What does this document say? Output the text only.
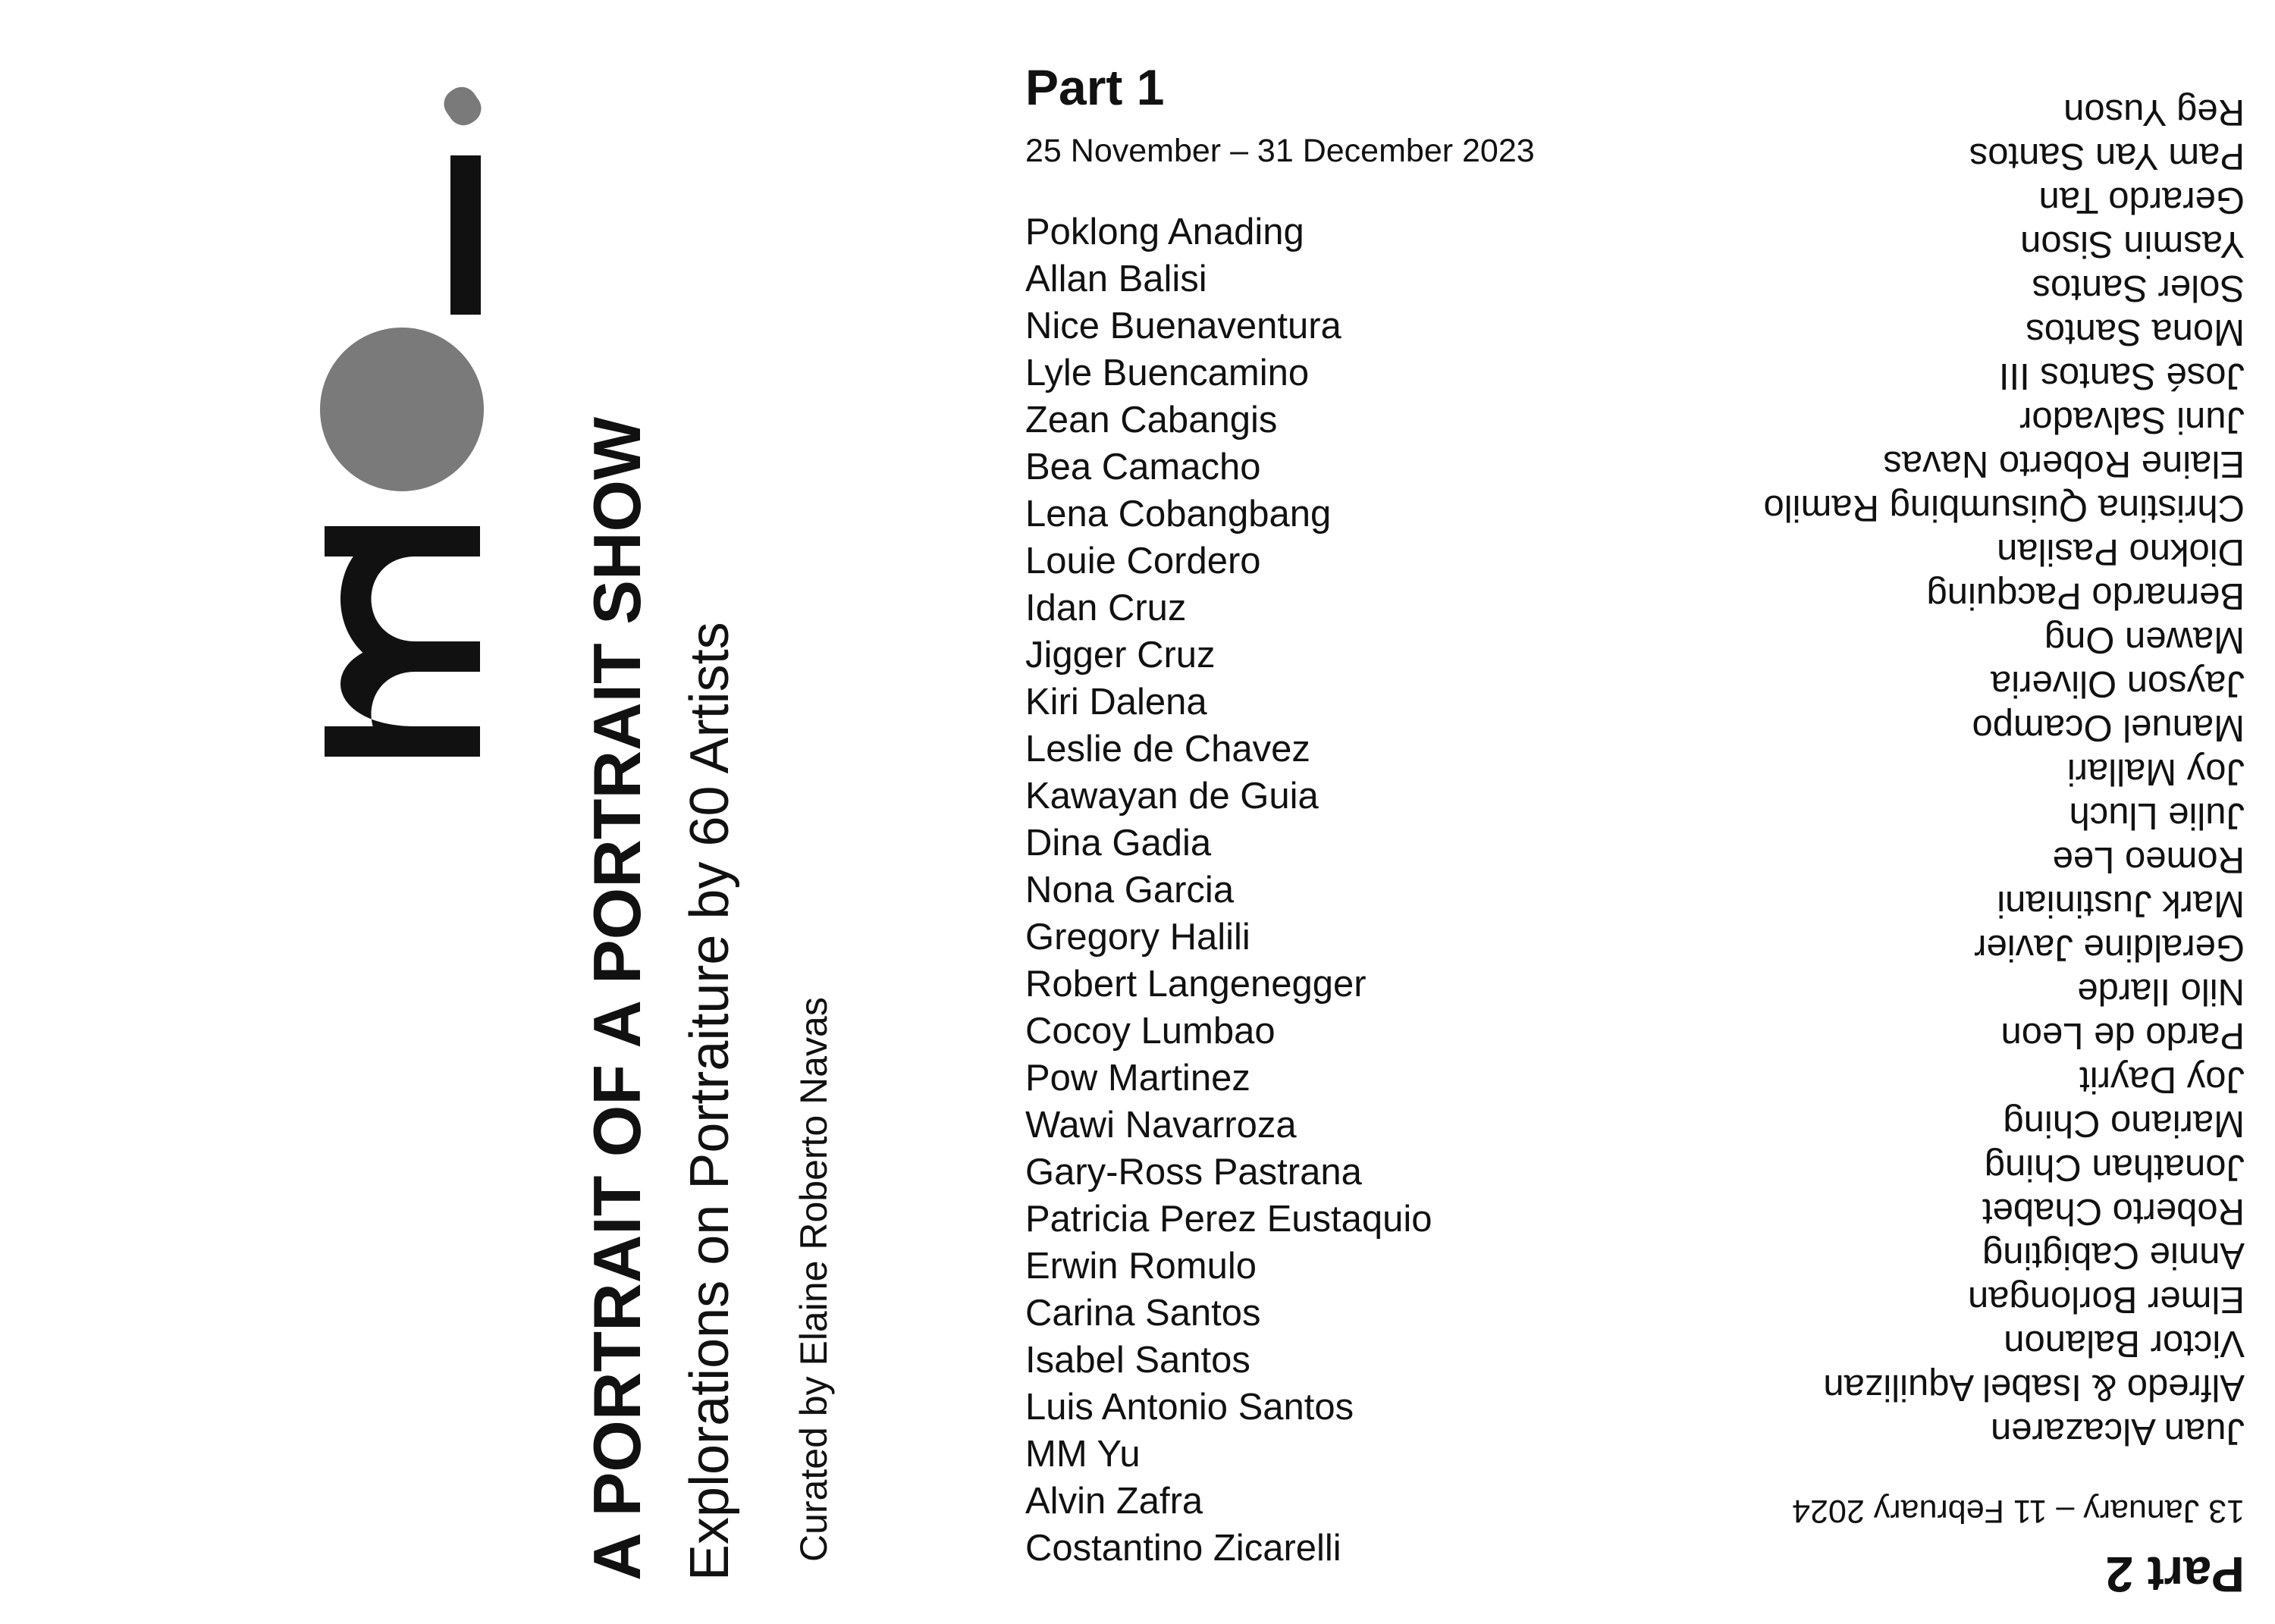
A PORTRAIT OF A PORTRAIT SHOW Explorations on Portraiture by 60 Artists Curated by Elaine Roberto Navas
Part 1
25 November – 31 December 2023
Poklong Anading
Allan Balisi
Nice Buenaventura
Lyle Buencamino
Zean Cabangis
Bea Camacho
Lena Cobangbang
Louie Cordero
Idan Cruz
Jigger Cruz
Kiri Dalena
Leslie de Chavez
Kawayan de Guia
Dina Gadia
Nona Garcia
Gregory Halili
Robert Langenegger
Cocoy Lumbao
Pow Martinez
Wawi Navarroza
Gary-Ross Pastrana
Patricia Perez Eustaquio
Erwin Romulo
Carina Santos
Isabel Santos
Luis Antonio Santos
MM Yu
Alvin Zafra
Costantino Zicarelli	Part 2
13 January – 11 February 2024
Juan Alcazaren
Alfredo & Isabel Aquilizan
Victor Balanon
Elmer Borlongan
Annie Cabigting
Roberto Chabet
Jonathan Ching
Mariano Ching
Joy Dayrit
Pardo de Leon
Nilo Ilarde
Geraldine Javier
Mark Justiniani
Romeo Lee
Julie Lluch
Joy Mallari
Manuel Ocampo
Jayson Oliveria
Mawen Ong
Bernardo Pacquing
Diokno Pasilan
Christina Quisumbing Ramilo
Elaine Roberto Navas
Juni Salvador
José Santos III
Mona Santos
Soler Santos
Yasmin Sison
Gerardo Tan
Pam Yan Santos
Reg Yuson
